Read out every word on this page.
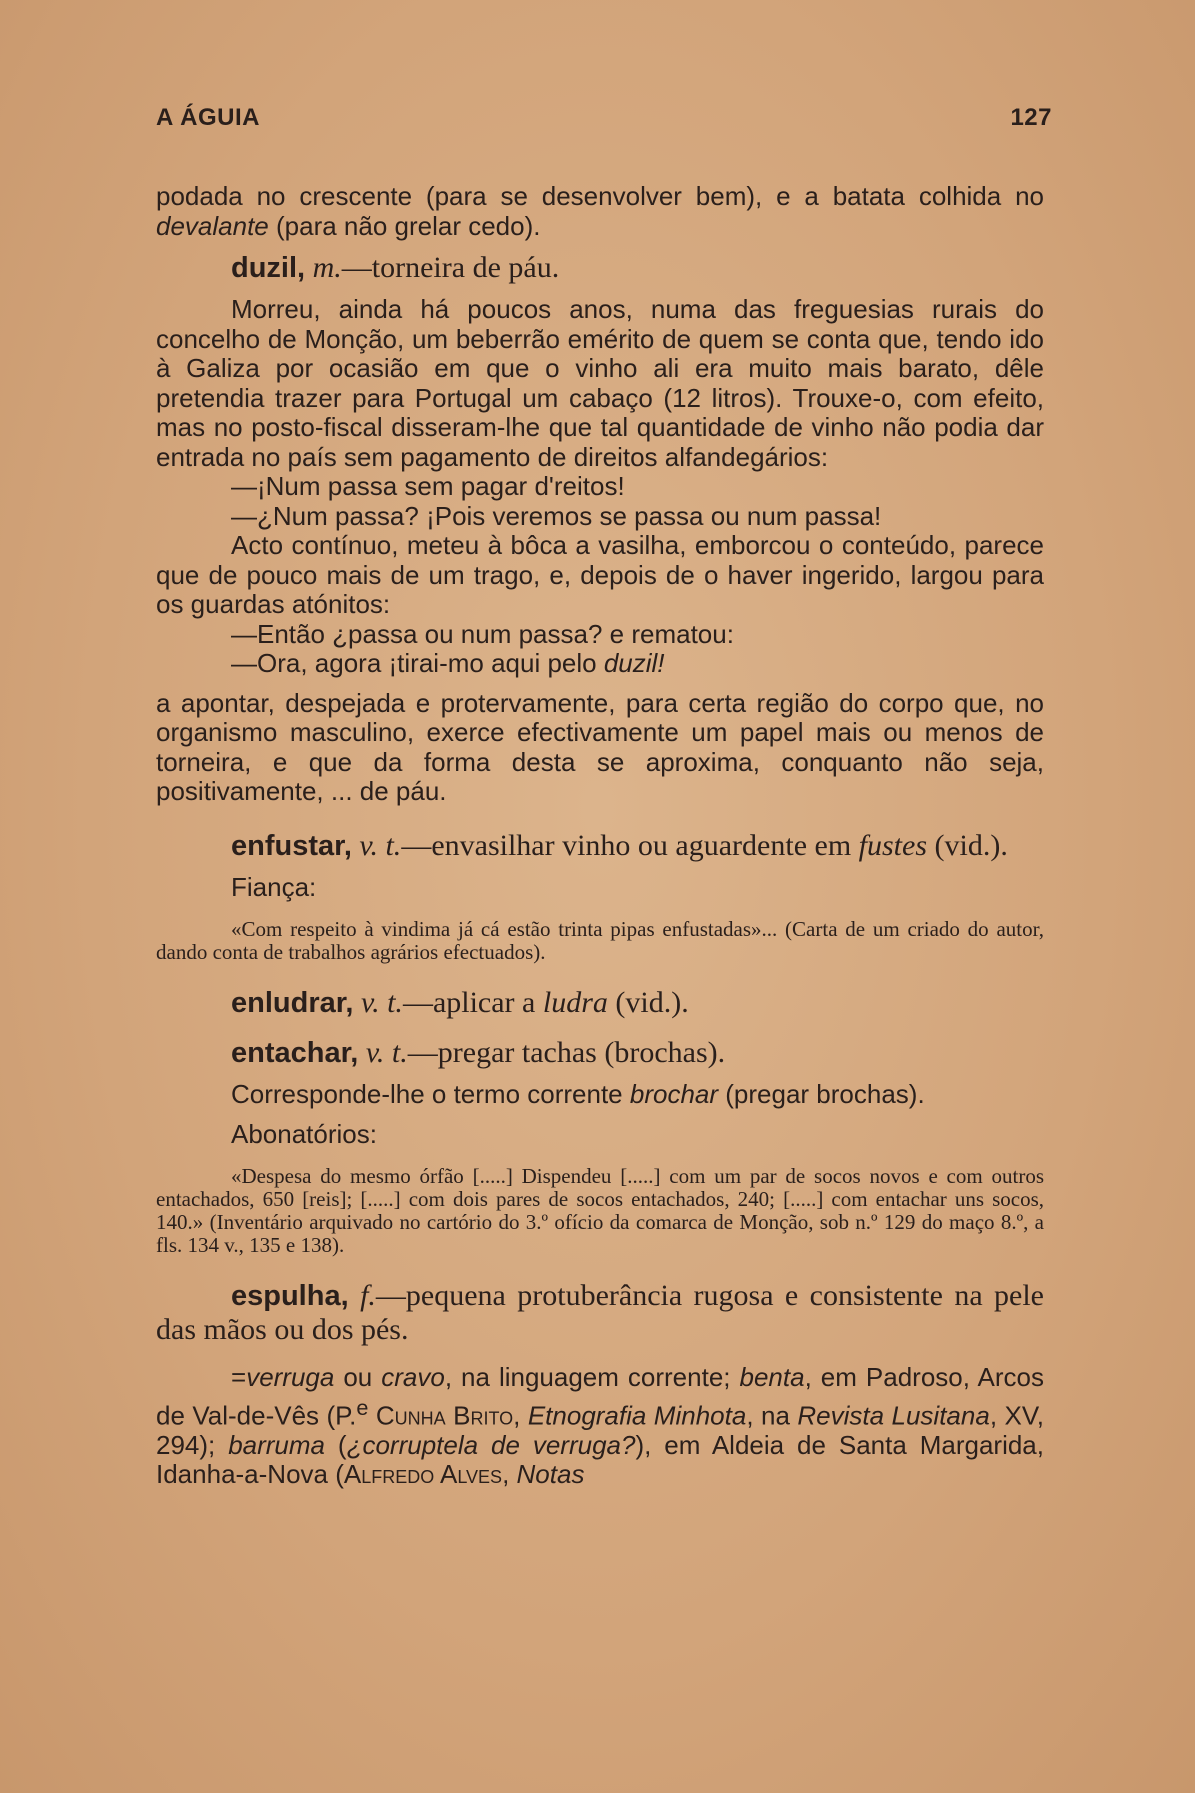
A ÁGUIA	127

podada no crescente (para se desenvolver bem), e a batata colhida no devalante (para não grelar cedo).

duzil, m.—torneira de páu.

Morreu, ainda há poucos anos, numa das freguesias rurais do concelho de Monção, um beberrão emérito de quem se conta que, tendo ido à Galiza por ocasião em que o vinho ali era muito mais barato, dêle pretendia trazer para Portugal um cabaço (12 litros). Trouxe-o, com efeito, mas no posto-fiscal disseram-lhe que tal quantidade de vinho não podia dar entrada no país sem pagamento de direitos alfandegários:

—¡Num passa sem pagar d'reitos!

—¿Num passa? ¡Pois veremos se passa ou num passa!

Acto contínuo, meteu à bôca a vasilha, emborcou o conteúdo, parece que de pouco mais de um trago, e, depois de o haver ingerido, largou para os guardas atónitos:

—Então ¿passa ou num passa? e rematou:

—Ora, agora ¡tirai-mo aqui pelo duzil!

a apontar, despejada e protervamente, para certa região do corpo que, no organismo masculino, exerce efectivamente um papel mais ou menos de torneira, e que da forma desta se aproxima, conquanto não seja, positivamente, ... de páu.

enfustar, v. t.—envasilhar vinho ou aguardente em fustes (vid.).

Fiança:

«Com respeito à vindima já cá estão trinta pipas enfustadas»... (Carta de um criado do autor, dando conta de trabalhos agrários efectuados).

enludrar, v. t.—aplicar a ludra (vid.).

entachar, v. t.—pregar tachas (brochas).

Corresponde-lhe o termo corrente brochar (pregar brochas).

Abonatórios:

«Despesa do mesmo órfão [.....] Dispendeu [.....] com um par de socos novos e com outros entachados, 650 [reis]; [.....] com dois pares de socos entachados, 240; [.....] com entachar uns socos, 140.» (Inventário arquivado no cartório do 3.º ofício da comarca de Monção, sob n.º 129 do maço 8.º, a fls. 134 v., 135 e 138).

espulha, f.—pequena protuberância rugosa e consistente na pele das mãos ou dos pés.

=verruga ou cravo, na linguagem corrente; benta, em Padroso, Arcos de Val-de-Vês (P.$^e$ Cunha Brito, Etnografia Minhota, na Revista Lusitana, XV, 294); barruma (¿corruptela de verruga?), em Aldeia de Santa Margarida, Idanha-a-Nova (Alfredo Alves, Notas
